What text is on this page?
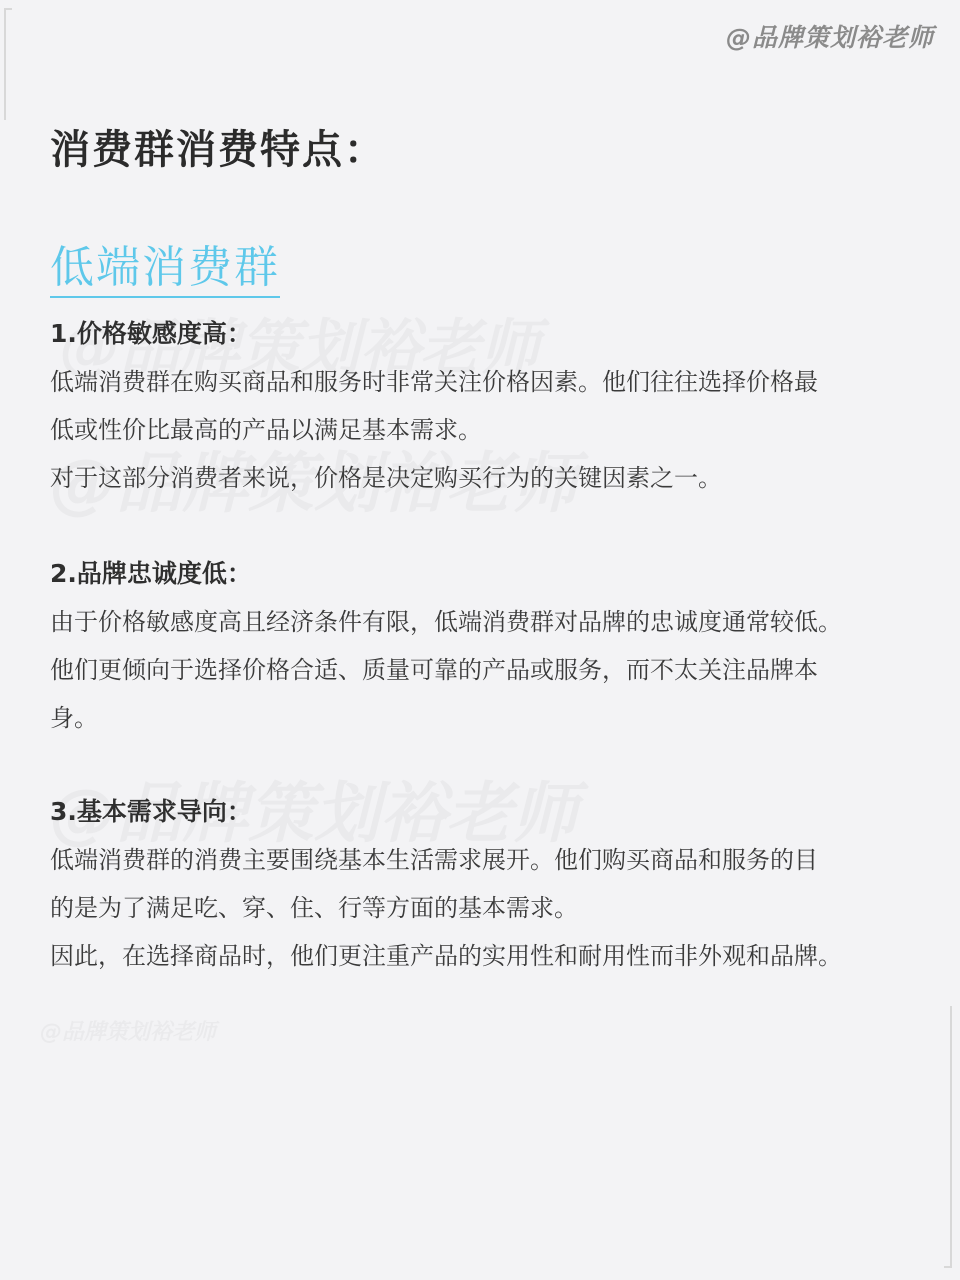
@品牌策划裕老师
消费群消费特点：
低端消费群

1.价格敏感度高：

低端消费群在购买商品和服务时非常关注价格因素。他们往往选择价格最

低或性价比最高的产品以满足基本需求。

对于这部分消费者来说，价格是决定购买行为的关键因素之一。

2.品牌忠诚度低：

由于价格敏感度高且经济条件有限，低端消费群对品牌的忠诚度通常较低。

他们更倾向于选择价格合适、质量可靠的产品或服务，而不太关注品牌本

身。

3.基本需求导向：

低端消费群的消费主要围绕基本生活需求展开。他们购买商品和服务的目

的是为了满足吃、穿、住、行等方面的基本需求。

因此，在选择商品时，他们更注重产品的实用性和耐用性而非外观和品牌。
